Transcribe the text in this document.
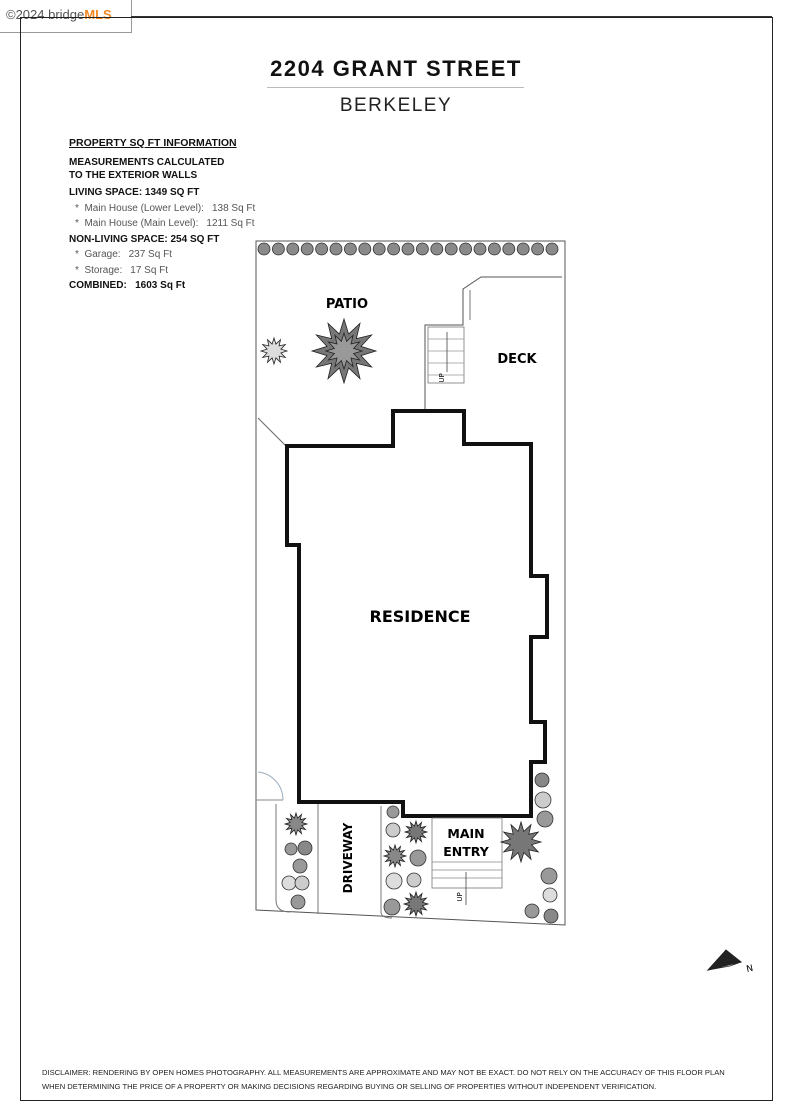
©2024 bridgeMLS
2204 GRANT STREET
BERKELEY
PROPERTY SQ FT INFORMATION
MEASUREMENTS CALCULATED
TO THE EXTERIOR WALLS
LIVING SPACE: 1349 SQ FT
*  Main House (Lower Level): 138 Sq Ft
*  Main House (Main Level): 1211 Sq Ft
NON-LIVING SPACE: 254 SQ FT
*  Garage: 237 Sq Ft
*  Storage: 17 Sq Ft
COMBINED: 1603 Sq Ft
PATIO
DECK
RESIDENCE
DRIVEWAY	MAIN
ENTRY
UP
UP
N
DISCLAIMER: RENDERING BY OPEN HOMES PHOTOGRAPHY. ALL MEASUREMENTS ARE APPROXIMATE AND MAY NOT BE EXACT. DO NOT RELY ON THE ACCURACY OF THIS FLOOR PLAN
WHEN DETERMINING THE PRICE OF A PROPERTY OR MAKING DECISIONS REGARDING BUYING OR SELLING OF PROPERTIES WITHOUT INDEPENDENT VERIFICATION.
